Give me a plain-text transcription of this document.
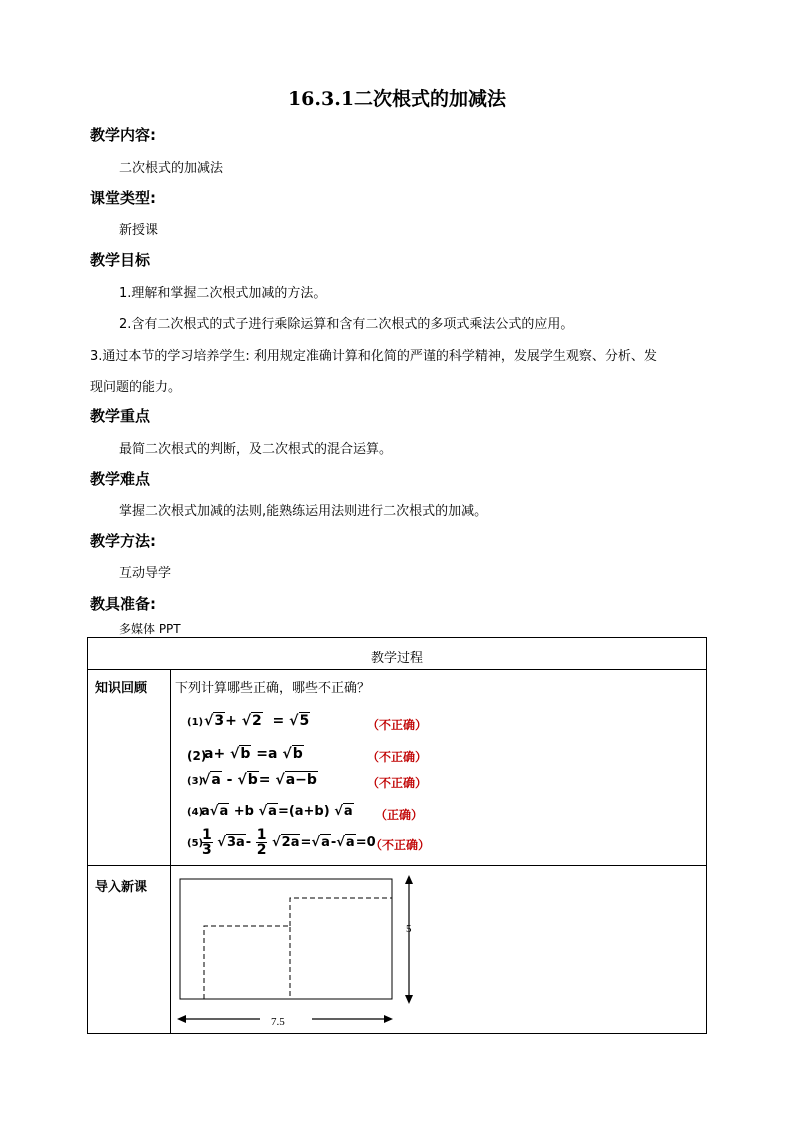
16.3.1二次根式的加减法
教学内容:
二次根式的加减法
课堂类型:
新授课
教学目标
1.理解和掌握二次根式加减的方法。
2.含有二次根式的式子进行乘除运算和含有二次根式的多项式乘法公式的应用。
3.通过本节的学习培养学生: 利用规定准确计算和化简的严谨的科学精神，发展学生观察、分析、发
现问题的能力。
教学重点
最简二次根式的判断，及二次根式的混合运算。
教学难点
掌握二次根式加减的法则,能熟练运用法则进行二次根式的加减。
教学方法:
互动导学
教具准备:
多媒体 PPT
教学过程
知识回顾 下列计算哪些正确，哪些不正确？
(1) √3+ √2  = √5	（不正确）
(2)
a+ √b =a √b	（不正确）
(3)
√a - √b= √a−b	（不正确）
(4)
a√a +b √a=(a+b) √a （正确）
(5)
$\frac{1}{3} √3a- \frac{1}{2} √2a=√a-√a=0$
（不正确）
导入新课
5
7.5
